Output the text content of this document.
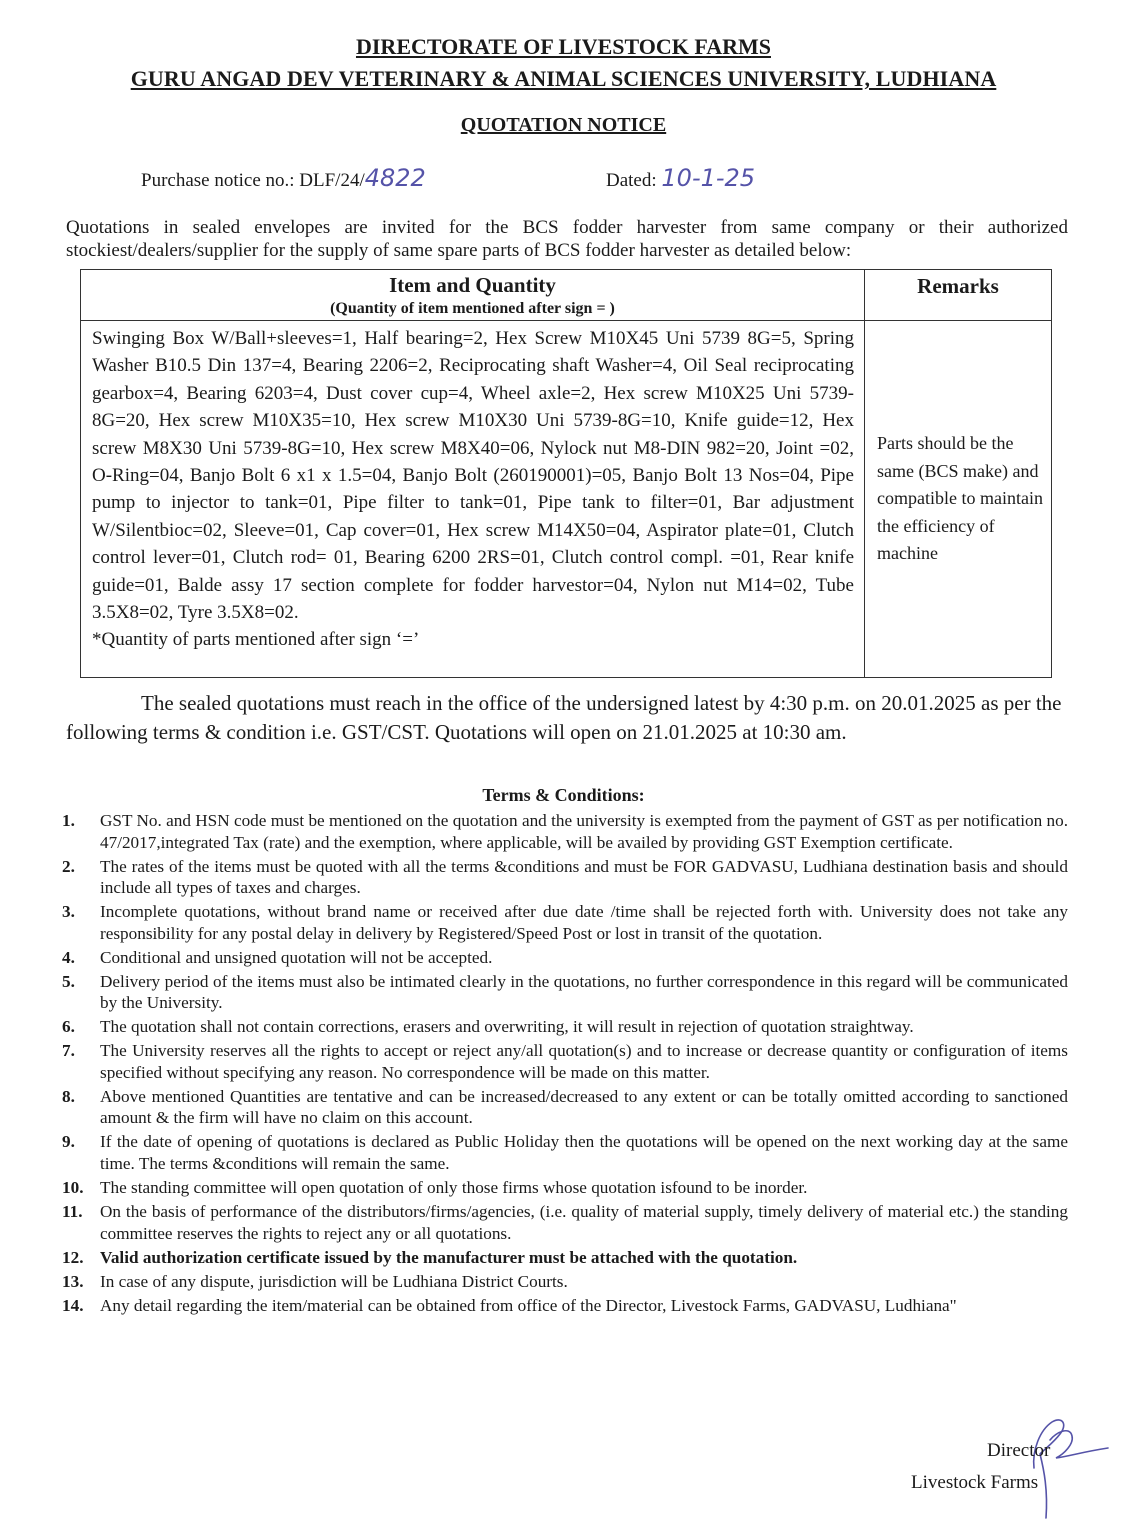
DIRECTORATE OF LIVESTOCK FARMS
GURU ANGAD DEV VETERINARY & ANIMAL SCIENCES UNIVERSITY, LUDHIANA
QUOTATION NOTICE
Purchase notice no.: DLF/24/4822	Dated: 10-1-25
Quotations in sealed envelopes are invited for the BCS fodder harvester from same company or their authorized stockiest/dealers/supplier for the supply of same spare parts of BCS fodder harvester as detailed below:
Item and Quantity
(Quantity of item mentioned after sign = )	Remarks

Swinging Box W/Ball+sleeves=1, Half bearing=2, Hex Screw M10X45 Uni 5739 8G=5, Spring Washer B10.5 Din 137=4, Bearing 2206=2, Reciprocating shaft Washer=4, Oil Seal reciprocating gearbox=4, Bearing 6203=4, Dust cover cup=4, Wheel axle=2, Hex screw M10X25 Uni 5739-8G=20, Hex screw M10X35=10, Hex screw M10X30 Uni 5739-8G=10, Knife guide=12, Hex screw M8X30 Uni 5739-8G=10, Hex screw M8X40=06, Nylock nut M8-DIN 982=20, Joint =02, O-Ring=04, Banjo Bolt 6 x1 x 1.5=04, Banjo Bolt (260190001)=05, Banjo Bolt 13 Nos=04, Pipe pump to injector to tank=01, Pipe filter to tank=01, Pipe tank to filter=01, Bar adjustment W/Silentbioc=02, Sleeve=01, Cap cover=01, Hex screw M14X50=04, Aspirator plate=01, Clutch control lever=01, Clutch rod= 01, Bearing 6200 2RS=01, Clutch control compl. =01, Rear knife guide=01, Balde assy 17 section complete for fodder harvestor=04, Nylon nut M14=02, Tube 3.5X8=02, Tyre 3.5X8=02.
*Quantity of parts mentioned after sign ‘=’	Parts should be the same (BCS make) and compatible to maintain the efficiency of machine
The sealed quotations must reach in the office of the undersigned latest by 4:30 p.m. on 20.01.2025 as per the following terms & condition i.e. GST/CST. Quotations will open on 21.01.2025 at 10:30 am.
Terms & Conditions:
1. GST No. and HSN code must be mentioned on the quotation and the university is exempted from the payment of GST as per notification no. 47/2017,integrated Tax (rate) and the exemption, where applicable, will be availed by providing GST Exemption certificate.
2. The rates of the items must be quoted with all the terms &conditions and must be FOR GADVASU, Ludhiana destination basis and should include all types of taxes and charges.
3. Incomplete quotations, without brand name or received after due date /time shall be rejected forth with. University does not take any responsibility for any postal delay in delivery by Registered/Speed Post or lost in transit of the quotation.
4. Conditional and unsigned quotation will not be accepted.
5. Delivery period of the items must also be intimated clearly in the quotations, no further correspondence in this regard will be communicated by the University.
6. The quotation shall not contain corrections, erasers and overwriting, it will result in rejection of quotation straightway.
7. The University reserves all the rights to accept or reject any/all quotation(s) and to increase or decrease quantity or configuration of items specified without specifying any reason. No correspondence will be made on this matter.
8. Above mentioned Quantities are tentative and can be increased/decreased to any extent or can be totally omitted according to sanctioned amount & the firm will have no claim on this account.
9. If the date of opening of quotations is declared as Public Holiday then the quotations will be opened on the next working day at the same time. The terms &conditions will remain the same.
10. The standing committee will open quotation of only those firms whose quotation isfound to be inorder.
11. On the basis of performance of the distributors/firms/agencies, (i.e. quality of material supply, timely delivery of material etc.) the standing committee reserves the rights to reject any or all quotations.
12. Valid authorization certificate issued by the manufacturer must be attached with the quotation.
13. In case of any dispute, jurisdiction will be Ludhiana District Courts.
14. Any detail regarding the item/material can be obtained from office of the Director, Livestock Farms, GADVASU, Ludhiana"
Director
Livestock Farms
